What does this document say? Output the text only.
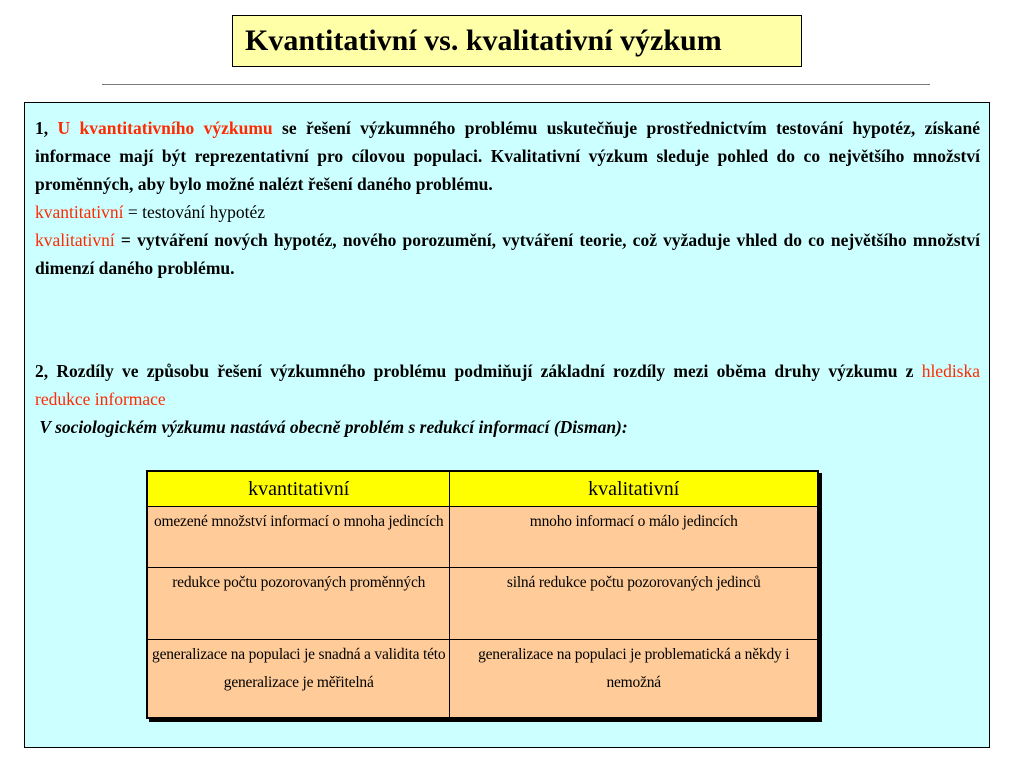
Kvantitativní vs. kvalitativní výzkum
1, U kvantitativního výzkumu se řešení výzkumného problému uskutečňuje prostřednictvím testování hypotéz, získané informace mají být reprezentativní pro cílovou populaci. Kvalitativní výzkum sleduje pohled do co největšího množství proměnných, aby bylo možné nalézt řešení daného problému.
kvantitativní = testování hypotéz
kvalitativní = vytváření nových hypotéz, nového porozumění, vytváření teorie, což vyžaduje vhled do co největšího množství dimenzí daného problému.
2, Rozdíly ve způsobu řešení výzkumného problému podmiňují základní rozdíly mezi oběma druhy výzkumu z hlediska redukce informace
V sociologickém výzkumu nastává obecně problém s redukcí informací (Disman):
kvantitativní	kvalitativní
omezené množství informací o mnoha jedincích	mnoho informací o málo jedincích
redukce počtu pozorovaných proměnných	silná redukce počtu pozorovaných jedinců
generalizace na populaci je snadná a validita této generalizace je měřitelná	generalizace na populaci je problematická a někdy i nemožná
